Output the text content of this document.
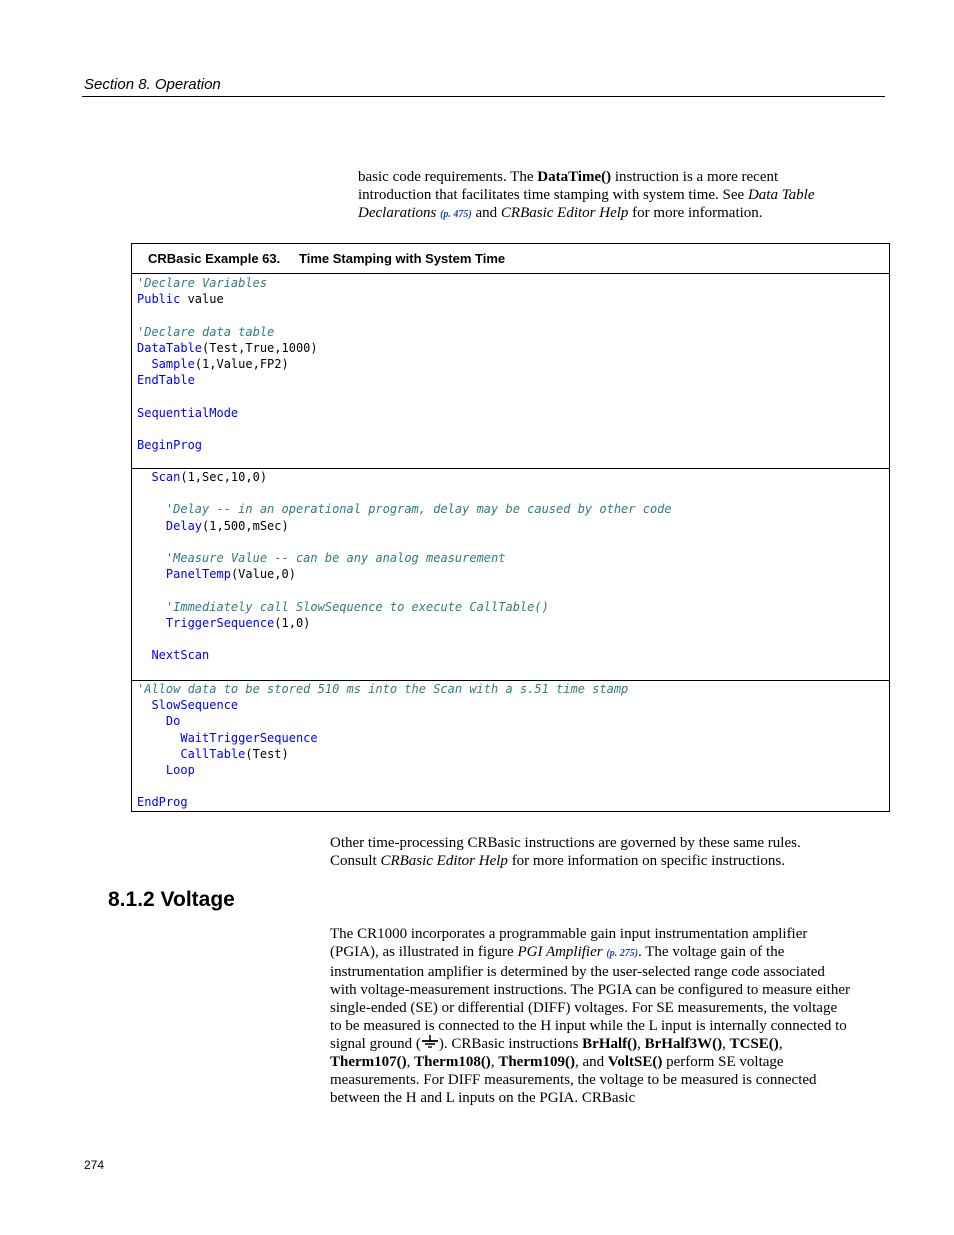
Section 8. Operation
basic code requirements. The DataTime() instruction is a more recent introduction that facilitates time stamping with system time. See Data Table Declarations (p. 475) and CRBasic Editor Help for more information.
CRBasic Example 63. Time Stamping with System Time
'Declare Variables
Public value

'Declare data table
DataTable(Test,True,1000)
Sample(1,Value,FP2)
EndTable

SequentialMode

BeginProg
Scan(1,Sec,10,0)

'Delay -- in an operational program, delay may be caused by other code
Delay(1,500,mSec)

'Measure Value -- can be any analog measurement
PanelTemp(Value,0)

'Immediately call SlowSequence to execute CallTable()
TriggerSequence(1,0)

NextScan
'Allow data to be stored 510 ms into the Scan with a s.51 time stamp
SlowSequence
Do
WaitTriggerSequence
CallTable(Test)
Loop

EndProg
Other time-processing CRBasic instructions are governed by these same rules. Consult CRBasic Editor Help for more information on specific instructions.
8.1.2 Voltage
The CR1000 incorporates a programmable gain input instrumentation amplifier (PGIA), as illustrated in figure PGI Amplifier (p. 275). The voltage gain of the instrumentation amplifier is determined by the user-selected range code associated with voltage-measurement instructions. The PGIA can be configured to measure either single-ended (SE) or differential (DIFF) voltages. For SE measurements, the voltage to be measured is connected to the H input while the L input is internally connected to signal ground ( ). CRBasic instructions BrHalf(), BrHalf3W(), TCSE(), Therm107(), Therm108(), Therm109(), and VoltSE() perform SE voltage measurements. For DIFF measurements, the voltage to be measured is connected between the H and L inputs on the PGIA. CRBasic
274
